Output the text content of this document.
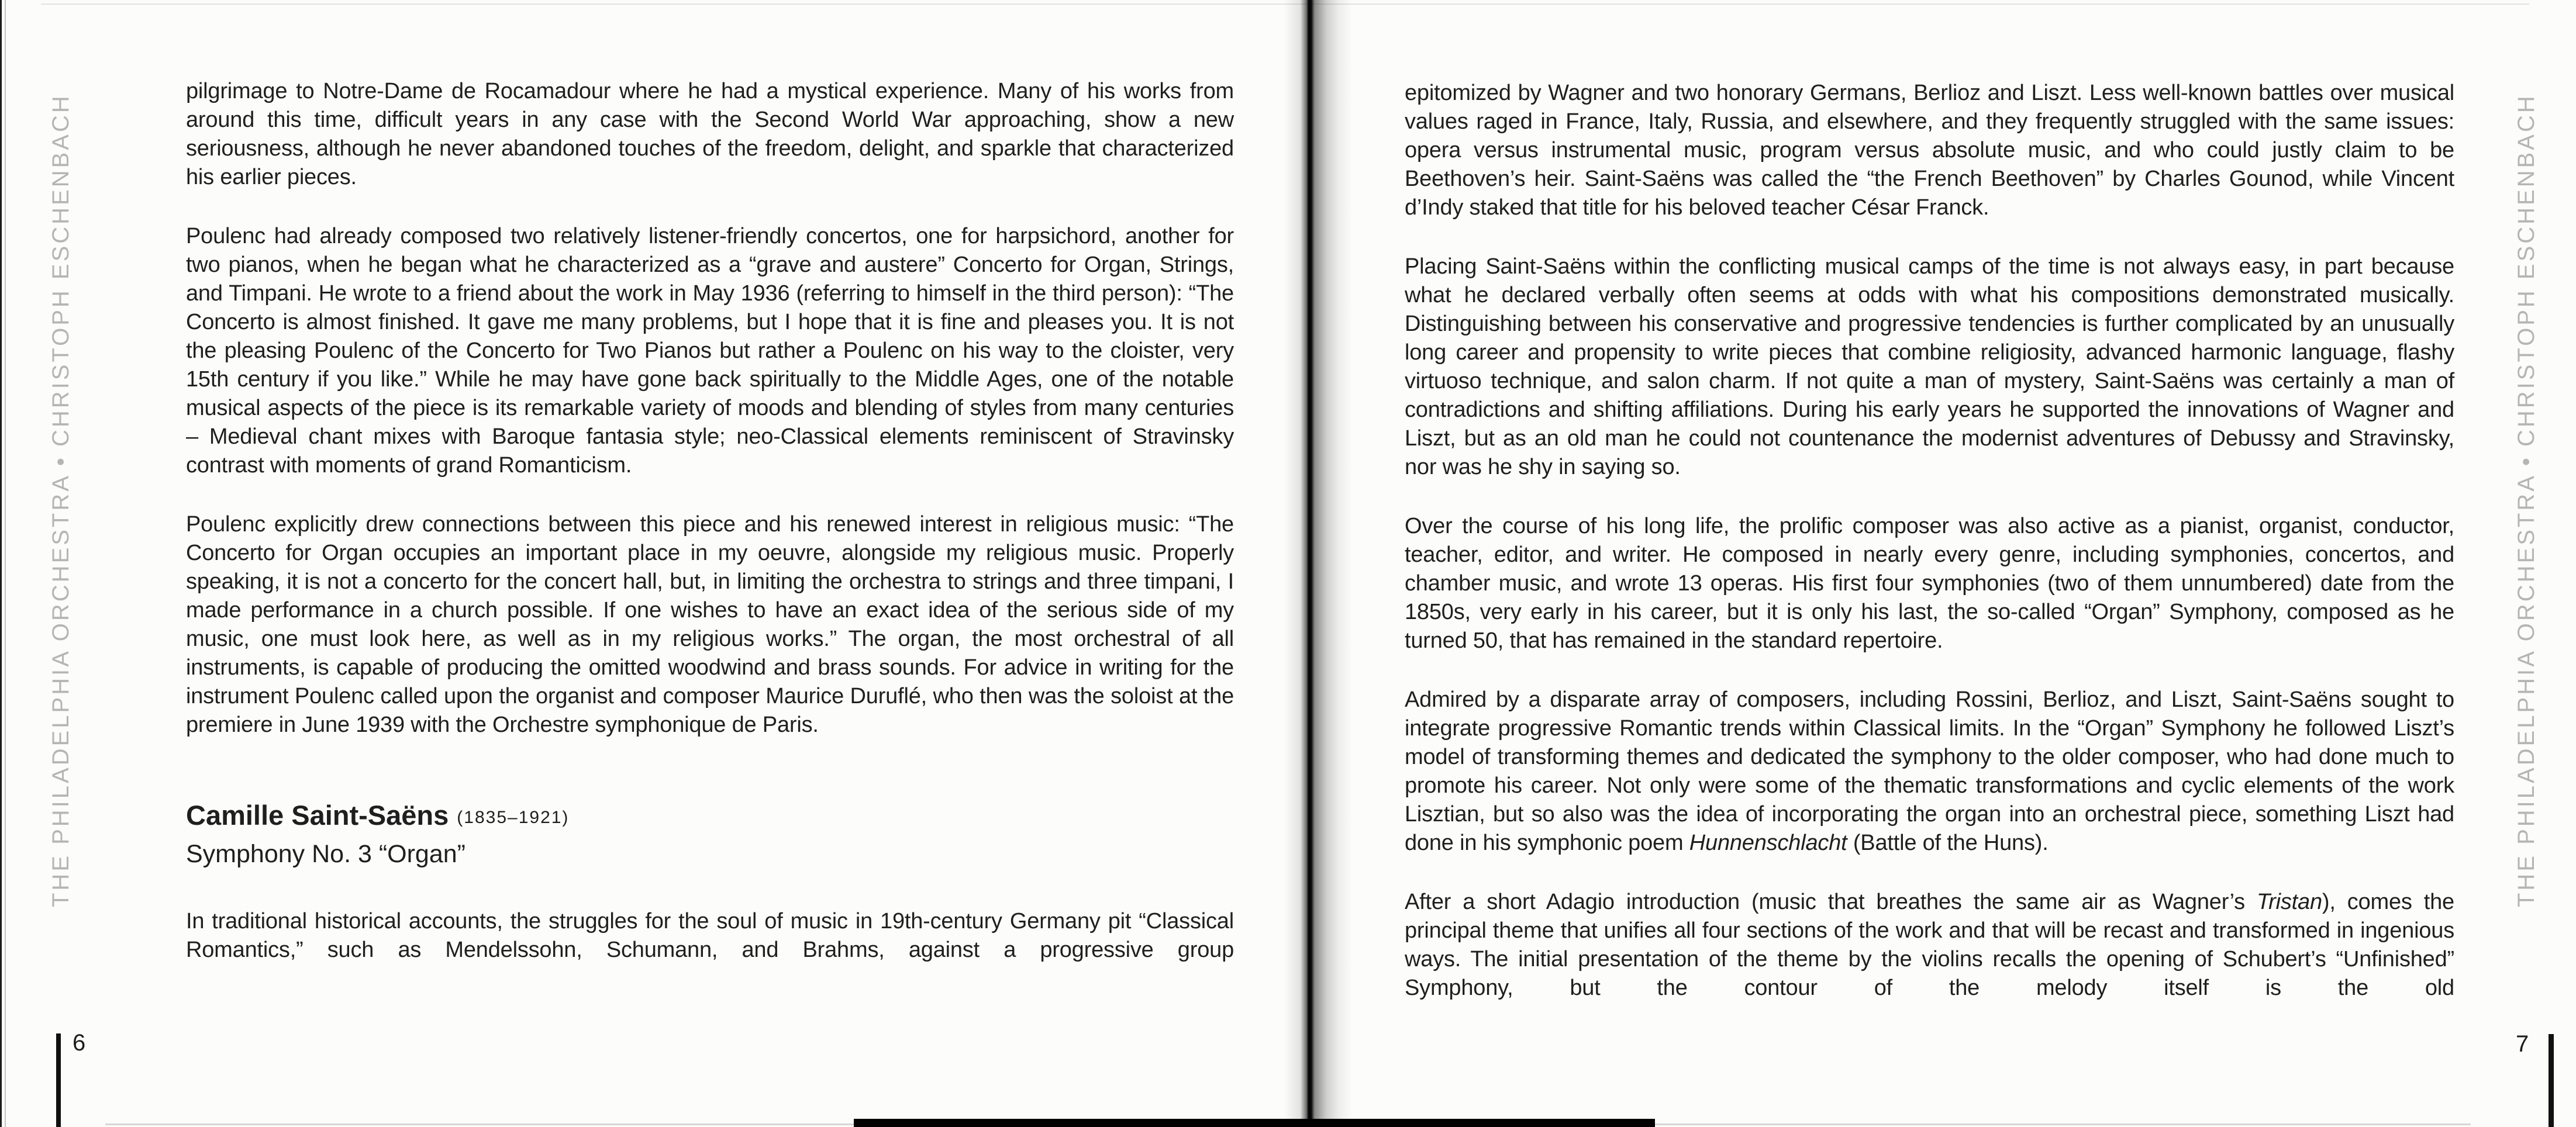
THE PHILADELPHIA ORCHESTRA • CHRISTOPH ESCHENBACH	THE PHILADELPHIA ORCHESTRA • CHRISTOPH ESCHENBACH

pilgrimage to Notre-Dame de Rocamadour where he had a mystical experience. Many of his works from around this time, difficult years in any case with the Second World War approaching, show a new seriousness, although he never abandoned touches of the freedom, delight, and sparkle that characterized his earlier pieces.

Poulenc had already composed two relatively listener-friendly concertos, one for harpsichord, another for two pianos, when he began what he characterized as a “grave and austere” Concerto for Organ, Strings, and Timpani. He wrote to a friend about the work in May 1936 (referring to himself in the third person): “The Concerto is almost finished. It gave me many problems, but I hope that it is fine and pleases you. It is not the pleasing Poulenc of the Concerto for Two Pianos but rather a Poulenc on his way to the cloister, very 15th century if you like.” While he may have gone back spiritually to the Middle Ages, one of the notable musical aspects of the piece is its remarkable variety of moods and blending of styles from many centuries – Medieval chant mixes with Baroque fantasia style; neo-Classical elements reminiscent of Stravinsky contrast with moments of grand Romanticism.

Poulenc explicitly drew connections between this piece and his renewed interest in religious music: “The Concerto for Organ occupies an important place in my oeuvre, alongside my religious music. Properly speaking, it is not a concerto for the concert hall, but, in limiting the orchestra to strings and three timpani, I made performance in a church possible. If one wishes to have an exact idea of the serious side of my music, one must look here, as well as in my religious works.” The organ, the most orchestral of all instruments, is capable of producing the omitted woodwind and brass sounds. For advice in writing for the instrument Poulenc called upon the organist and composer Maurice Duruflé, who then was the soloist at the premiere in June 1939 with the Orchestre symphonique de Paris.

Camille Saint-Saëns (1835–1921)
Symphony No. 3 “Organ”

In traditional historical accounts, the struggles for the soul of music in 19th-century Germany pit “Classical Romantics,” such as Mendelssohn, Schumann, and Brahms, against a progressive group

epitomized by Wagner and two honorary Germans, Berlioz and Liszt. Less well-known battles over musical values raged in France, Italy, Russia, and elsewhere, and they frequently struggled with the same issues: opera versus instrumental music, program versus absolute music, and who could justly claim to be Beethoven’s heir. Saint-Saëns was called the “the French Beethoven” by Charles Gounod, while Vincent d’Indy staked that title for his beloved teacher César Franck.

Placing Saint-Saëns within the conflicting musical camps of the time is not always easy, in part because what he declared verbally often seems at odds with what his compositions demonstrated musically. Distinguishing between his conservative and progressive tendencies is further complicated by an unusually long career and propensity to write pieces that combine religiosity, advanced harmonic language, flashy virtuoso technique, and salon charm. If not quite a man of mystery, Saint-Saëns was certainly a man of contradictions and shifting affiliations. During his early years he supported the innovations of Wagner and Liszt, but as an old man he could not countenance the modernist adventures of Debussy and Stravinsky, nor was he shy in saying so.

Over the course of his long life, the prolific composer was also active as a pianist, organist, conductor, teacher, editor, and writer. He composed in nearly every genre, including symphonies, concertos, and chamber music, and wrote 13 operas. His first four symphonies (two of them unnumbered) date from the 1850s, very early in his career, but it is only his last, the so-called “Organ” Symphony, composed as he turned 50, that has remained in the standard repertoire.

Admired by a disparate array of composers, including Rossini, Berlioz, and Liszt, Saint-Saëns sought to integrate progressive Romantic trends within Classical limits. In the “Organ” Symphony he followed Liszt’s model of transforming themes and dedicated the symphony to the older composer, who had done much to promote his career. Not only were some of the thematic transformations and cyclic elements of the work Lisztian, but so also was the idea of incorporating the organ into an orchestral piece, something Liszt had done in his symphonic poem Hunnenschlacht (Battle of the Huns).

After a short Adagio introduction (music that breathes the same air as Wagner’s Tristan), comes the principal theme that unifies all four sections of the work and that will be recast and transformed in ingenious ways. The initial presentation of the theme by the violins recalls the opening of Schubert’s “Unfinished” Symphony, but the contour of the melody itself is the old

6	7
